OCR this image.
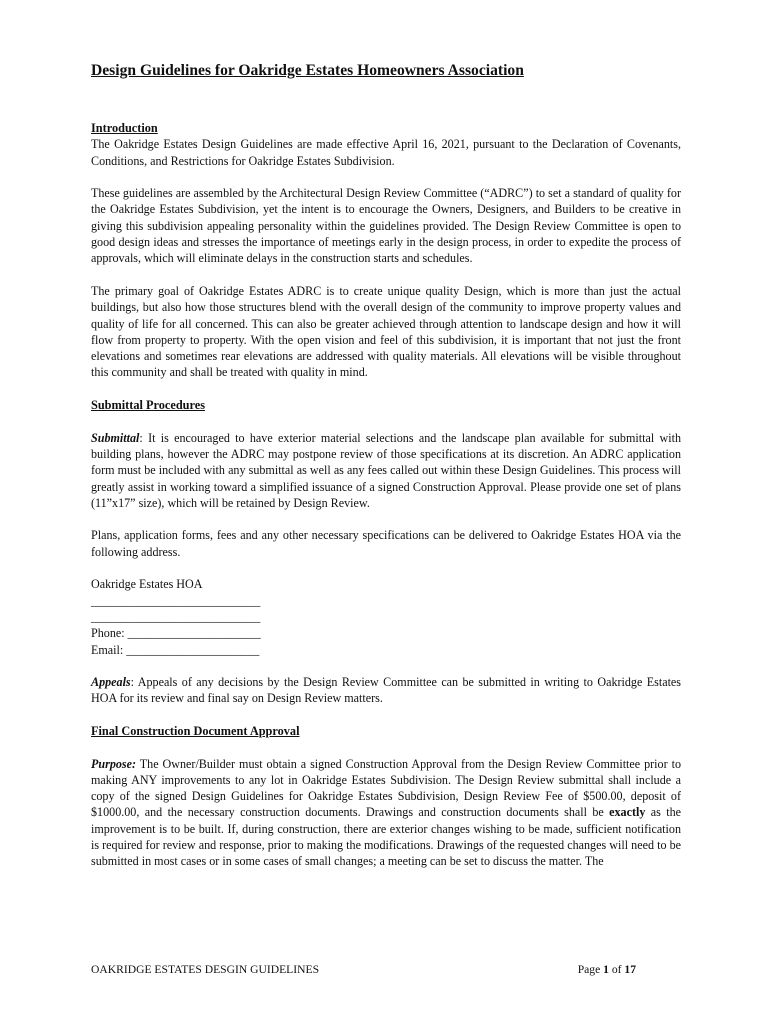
Design Guidelines for Oakridge Estates Homeowners Association
Introduction

The Oakridge Estates Design Guidelines are made effective April 16, 2021, pursuant to the Declaration of Covenants, Conditions, and Restrictions for Oakridge Estates Subdivision.

These guidelines are assembled by the Architectural Design Review Committee (“ADRC”) to set a standard of quality for the Oakridge Estates Subdivision, yet the intent is to encourage the Owners, Designers, and Builders to be creative in giving this subdivision appealing personality within the guidelines provided. The Design Review Committee is open to good design ideas and stresses the importance of meetings early in the design process, in order to expedite the process of approvals, which will eliminate delays in the construction starts and schedules.

The primary goal of Oakridge Estates ADRC is to create unique quality Design, which is more than just the actual buildings, but also how those structures blend with the overall design of the community to improve property values and quality of life for all concerned. This can also be greater achieved through attention to landscape design and how it will flow from property to property. With the open vision and feel of this subdivision, it is important that not just the front elevations and sometimes rear elevations are addressed with quality materials. All elevations will be visible throughout this community and shall be treated with quality in mind.

Submittal Procedures

Submittal: It is encouraged to have exterior material selections and the landscape plan available for submittal with building plans, however the ADRC may postpone review of those specifications at its discretion. An ADRC application form must be included with any submittal as well as any fees called out within these Design Guidelines. This process will greatly assist in working toward a simplified issuance of a signed Construction Approval. Please provide one set of plans (11”x17” size), which will be retained by Design Review.

Plans, application forms, fees and any other necessary specifications can be delivered to Oakridge Estates HOA via the following address.

Oakridge Estates HOA
____________________________
____________________________
Phone: ______________________
Email: ______________________

Appeals: Appeals of any decisions by the Design Review Committee can be submitted in writing to Oakridge Estates HOA for its review and final say on Design Review matters.

Final Construction Document Approval

Purpose: The Owner/Builder must obtain a signed Construction Approval from the Design Review Committee prior to making ANY improvements to any lot in Oakridge Estates Subdivision. The Design Review submittal shall include a copy of the signed Design Guidelines for Oakridge Estates Subdivision, Design Review Fee of $500.00, deposit of $1000.00, and the necessary construction documents. Drawings and construction documents shall be exactly as the improvement is to be built. If, during construction, there are exterior changes wishing to be made, sufficient notification is required for review and response, prior to making the modifications. Drawings of the requested changes will need to be submitted in most cases or in some cases of small changes; a meeting can be set to discuss the matter. The

OAKRIDGE ESTATES DESGIN GUIDELINES	Page 1 of 17
